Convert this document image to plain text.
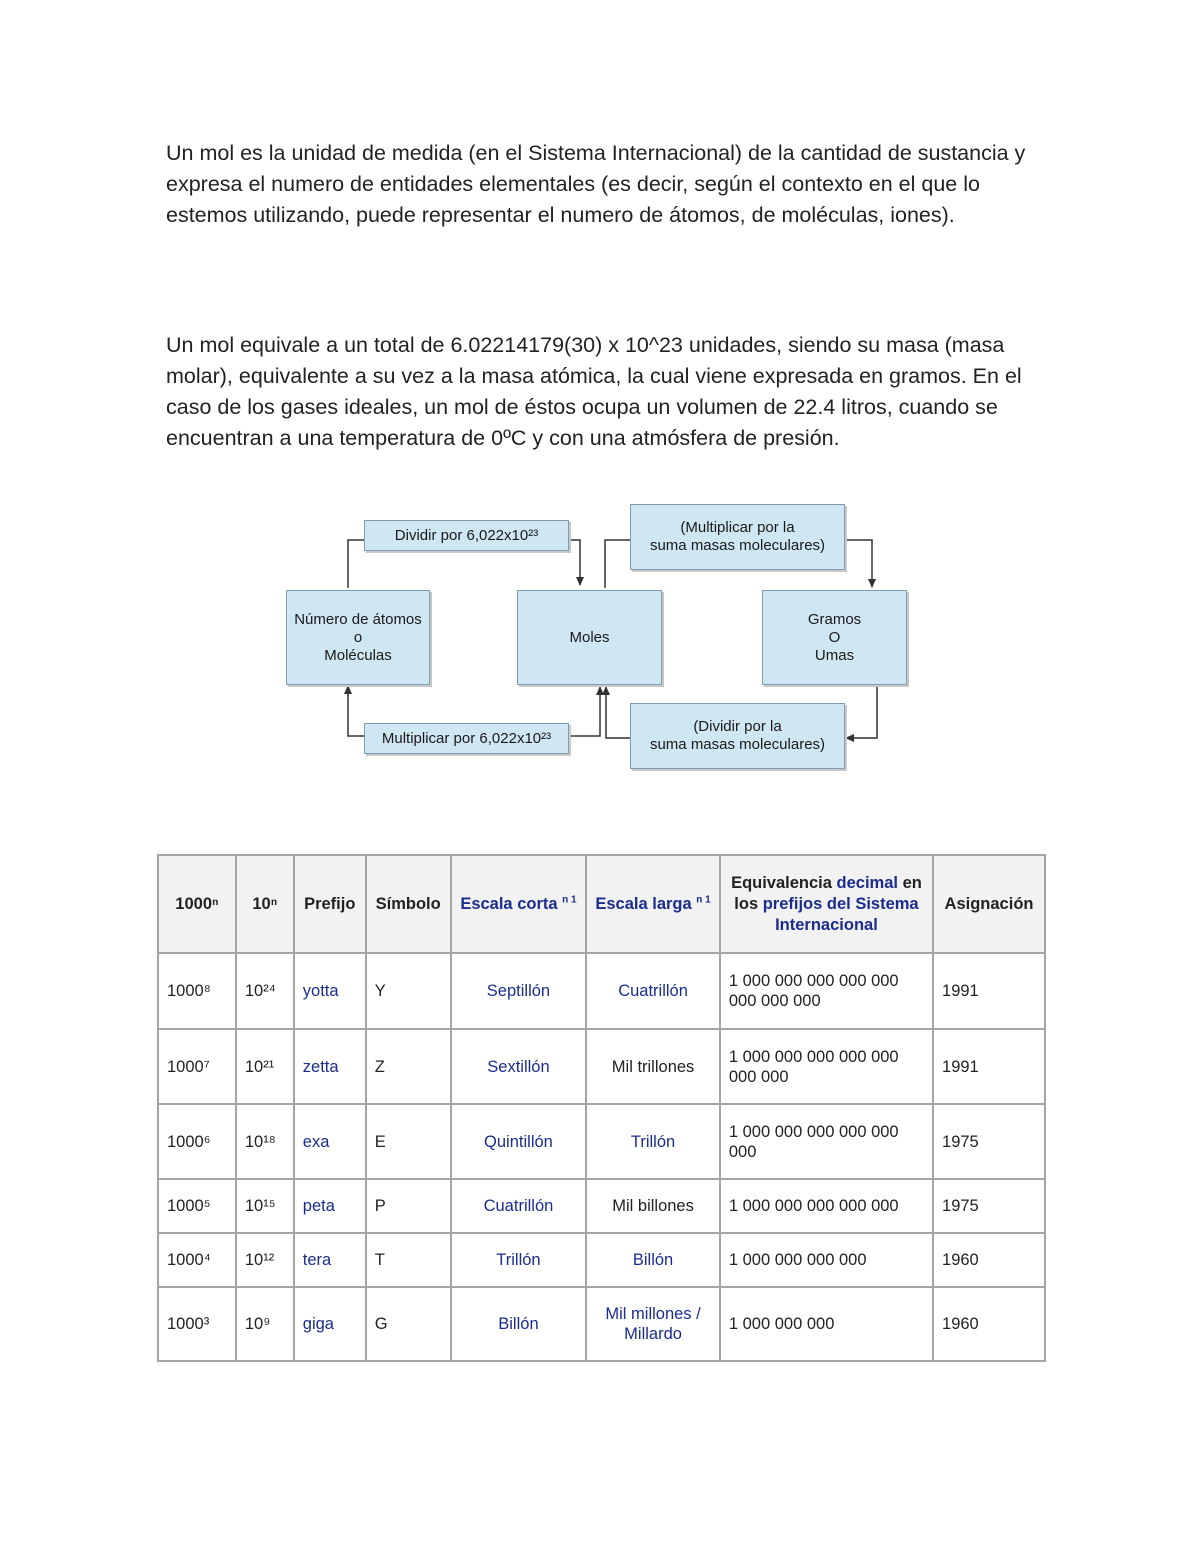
Un mol es la unidad de medida (en el Sistema Internacional) de la cantidad de sustancia y expresa el numero de entidades elementales (es decir, según el contexto en el que lo estemos utilizando, puede representar el numero de átomos, de moléculas, iones).

Un mol equivale a un total de 6.02214179(30) x 10^23 unidades, siendo su masa (masa molar), equivalente a su vez a la masa atómica, la cual viene expresada en gramos. En el caso de los gases ideales, un mol de éstos ocupa un volumen de 22.4 litros, cuando se encuentran a una temperatura de 0ºC y con una atmósfera de presión.

Número de átomos
o
Moléculas
Moles
Gramos
O
Umas
Dividir por 6,022x10²³	(Multiplicar por la
suma masas moleculares)
Multiplicar por 6,022x10²³
(Dividir por la
suma masas moleculares)
1000ⁿ	10ⁿ	Prefijo	Símbolo	Escala corta $^{n 1}$	Escala larga $^{n 1}$	Equivalencia decimal en los prefijos del Sistema Internacional	Asignación
1000⁸	10²⁴	yotta	Y	Septillón	Cuatrillón	1 000 000 000 000 000 000 000 000	1991
1000⁷	10²¹	zetta	Z	Sextillón	Mil trillones	1 000 000 000 000 000 000 000	1991
1000⁶	10¹⁸	exa	E	Quintillón	Trillón	1 000 000 000 000 000 000	1975
1000⁵	10¹⁵	peta	P	Cuatrillón	Mil billones	1 000 000 000 000 000	1975
1000⁴	10¹²	tera	T	Trillón	Billón	1 000 000 000 000	1960
1000³	10⁹	giga	G	Billón	Mil millones / Millardo	1 000 000 000	1960
